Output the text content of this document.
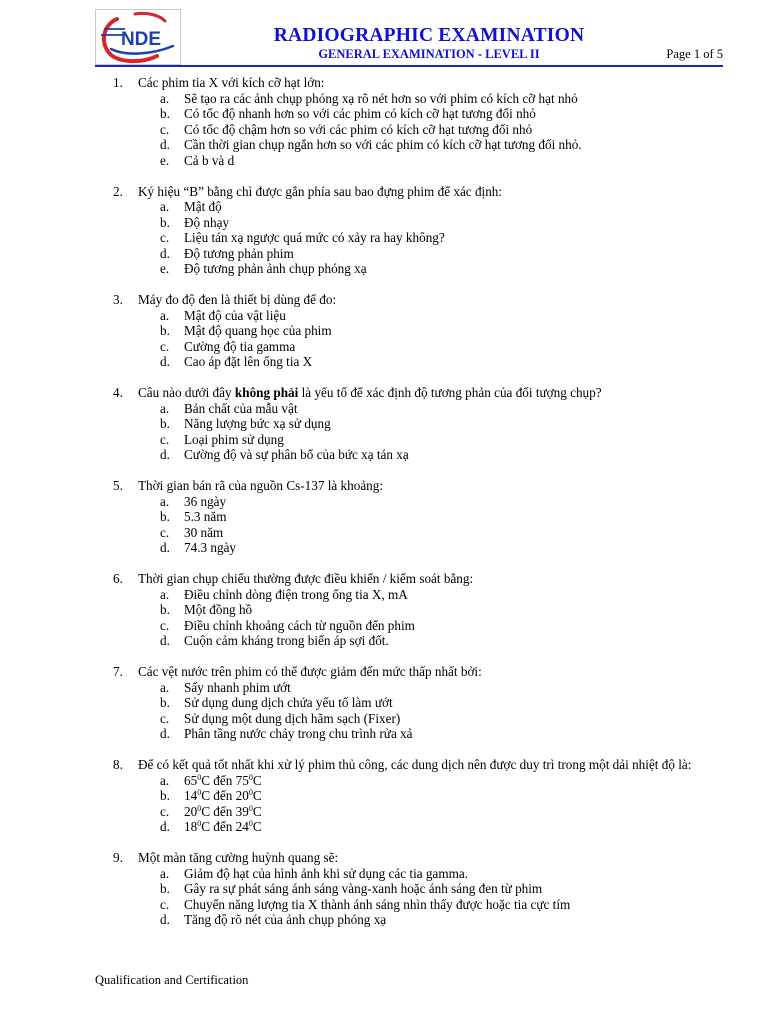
NDE	RADIOGRAPHIC EXAMINATION
GENERAL EXAMINATION - LEVEL II	Page 1 of 5
1.	Các phim tia X với kích cỡ hạt lớn:
a.	Sẽ tạo ra các ảnh chụp phóng xạ rõ nét hơn so với phim có kích cỡ hạt nhỏ
b.	Có tốc độ nhanh hơn so với các phim có kích cỡ hạt tương đối nhỏ
c.	Có tốc độ chậm hơn so với các phim có kích cỡ hạt tương đối nhỏ
d.	Cần thời gian chụp ngắn hơn so với các phim có kích cỡ hạt tương đối nhỏ.
e.	Cả b và d
2.	Ký hiệu “B” bằng chì được gắn phía sau bao đựng phim để xác định:
a.	Mật độ
b.	Độ nhạy
c.	Liệu tán xạ ngược quá mức có xảy ra hay không?
d.	Độ tương phản phim
e.	Độ tương phản ảnh chụp phóng xạ
3.	Máy đo độ đen là thiết bị dùng để đo:
a.	Mật độ của vật liệu
b.	Mật độ quang học của phim
c.	Cường độ tia gamma
d.	Cao áp đặt lên ống tia X
4.	Câu nào dưới đây không phải là yếu tố để xác định độ tương phản của đối tượng chụp?
a.	Bản chất của mẫu vật
b.	Năng lượng bức xạ sử dụng
c.	Loại phim sử dụng
d.	Cường độ và sự phân bố của bức xạ tán xạ
5.	Thời gian bán rã của nguồn Cs-137 là khoảng:
a.	36 ngày
b.	5.3 năm
c.	30 năm
d.	74.3 ngày
6.	Thời gian chụp chiếu thường được điều khiển / kiểm soát bằng:
a.	Điều chỉnh dòng điện trong ống tia X, mA
b.	Một đồng hồ
c.	Điều chỉnh khoảng cách từ nguồn đến phim
d.	Cuộn cảm kháng trong biến áp sợi đốt.
7.	Các vệt nước trên phim có thể được giảm đến mức thấp nhất bởi:
a.	Sấy nhanh phim ướt
b.	Sử dụng dung dịch chứa yếu tố làm ướt
c.	Sử dụng một dung dịch hãm sạch (Fixer)
d.	Phân tầng nước chảy trong chu trình rửa xả
8.	Để có kết quả tốt nhất khi xử lý phim thủ công, các dung dịch nên được duy trì trong một dải nhiệt độ là:
a.	$65^0C$ đến $75^0C$
b.	$14^0C$ đến $20^0C$
c.	$20^0C$ đến $39^0C$
d.	$18^0C$ đến $24^0C$
9.	Một màn tăng cường huỳnh quang sẽ:
a.	Giảm độ hạt của hình ảnh khi sử dụng các tia gamma.
b.	Gây ra sự phát sáng ánh sáng vàng-xanh hoặc ánh sáng đen từ phim
c.	Chuyển năng lượng tia X thành ánh sáng nhìn thấy được hoặc tia cực tím
d.	Tăng độ rõ nét của ảnh chụp phóng xạ
Qualification and Certification
